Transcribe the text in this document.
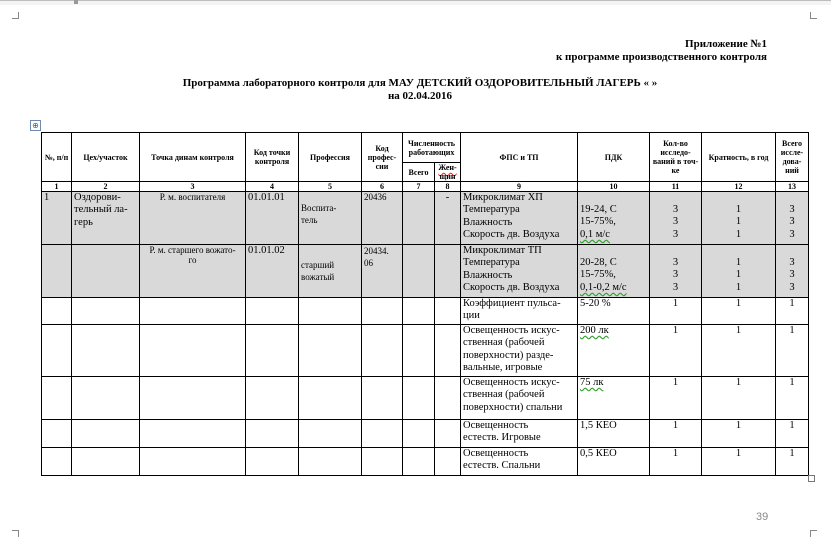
Приложение №1
к программе производственного контроля
Программа лабораторного контроля для МАУ ДЕТСКИЙ ОЗДОРОВИТЕЛЬНЫЙ ЛАГЕРЬ « »
на 02.04.2016
⊕
№, п/п	Цех/участок	Точка динам контроля	Код точки контроля	Профессия	Код профес-сии	Численность работающих		ФПС и ТП	ПДК	Кол-во исследо-ваний в точ-ке	Кратность, в год	Всего иссле-дова-ний
						Всего	Жен-щин					
1	2	3	4	5	6	7	8	9	10	11	12	13
1	Оздорови-
тельный ла-
герь	Р. м. воспитателя	01.01.01	Воспита-
тель	20436		-	Микроклимат ХП
Температура
Влажность
Скорость дв. Воздуха	19-24, С
15-75%,
0,1 м/с	3
3
3	1
1
1	3
3
3

		Р. м. старшего вожато-
го	01.01.02	старший
вожатый	20434.
06			Микроклимат ТП
Температура
Влажность
Скорость дв. Воздуха	20-28, С
15-75%,
0,1-0,2 м/с	3
3
3	1
1
1	3
3
3

								Коэффициент пульса-
ции	5-20 %	1	1	1

								Освещенность искус-
ственная (рабочей
поверхности) разде-
вальные, игровые	200 лк	1	1	1

								Освещенность искус-
ственная (рабочей
поверхности) спальни	75 лк	1	1	1

								Освещенность
естеств. Игровые	1,5 КЕО	1	1	1

								Освещенность
естеств. Спальни	0,5 КЕО	1	1	1
39
